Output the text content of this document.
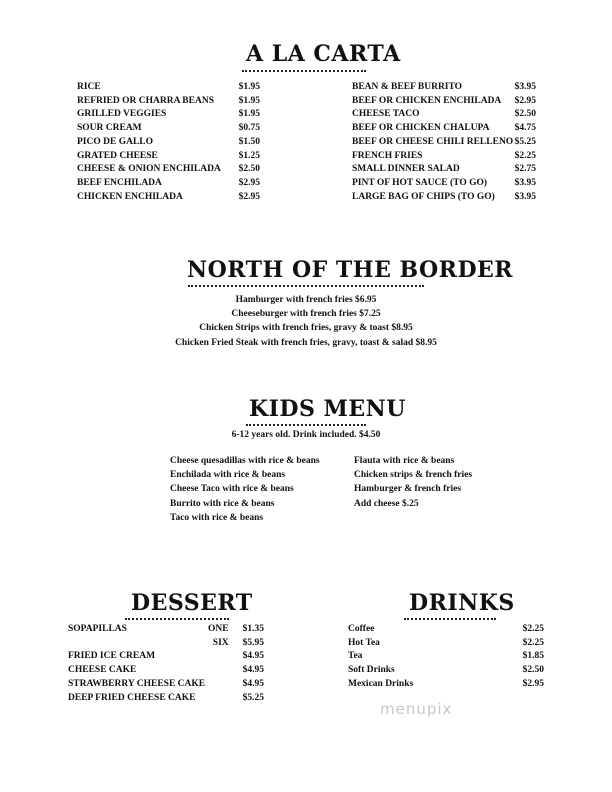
A LA CARTA
RICE	$1.95
REFRIED OR CHARRA BEANS	$1.95
GRILLED VEGGIES	$1.95
SOUR CREAM	$0.75
PICO DE GALLO	$1.50
GRATED CHEESE	$1.25
CHEESE & ONION ENCHILADA $2.50
BEEF ENCHILADA	$2.95
CHICKEN ENCHILADA	$2.95
BEAN & BEEF BURRITO	$3.95
BEEF OR CHICKEN ENCHILADA $2.95
CHEESE TACO	$2.50
BEEF OR CHICKEN CHALUPA	$4.75
BEEF OR CHEESE CHILI RELLENO $5.25
FRENCH FRIES	$2.25
SMALL DINNER SALAD	$2.75
PINT OF HOT SAUCE (TO GO)	$3.95
LARGE BAG OF CHIPS (TO GO) $3.95
NORTH OF THE BORDER
Hamburger with french fries $6.95
Cheeseburger with french fries $7.25
Chicken Strips with french fries, gravy & toast $8.95
Chicken Fried Steak with french fries, gravy, toast & salad $8.95
KIDS MENU
6-12 years old. Drink included. $4.50
Cheese quesadillas with rice & beans
Enchilada with rice & beans
Cheese Taco with rice & beans
Burrito with rice & beans
Taco with rice & beans
Flauta with rice & beans
Chicken strips & french fries
Hamburger & french fries
Add cheese $.25
DESSERT
SOPAPILLAS	ONE $1.35
SIX $5.95
FRIED ICE CREAM	$4.95
CHEESE CAKE	$4.95
STRAWBERRY CHEESE CAKE	$4.95
DEEP FRIED CHEESE CAKE	$5.25
DRINKS
Coffee	$2.25
Hot Tea	$2.25
Tea	$1.85
Soft Drinks	$2.50
Mexican Drinks	$2.95
menupix
